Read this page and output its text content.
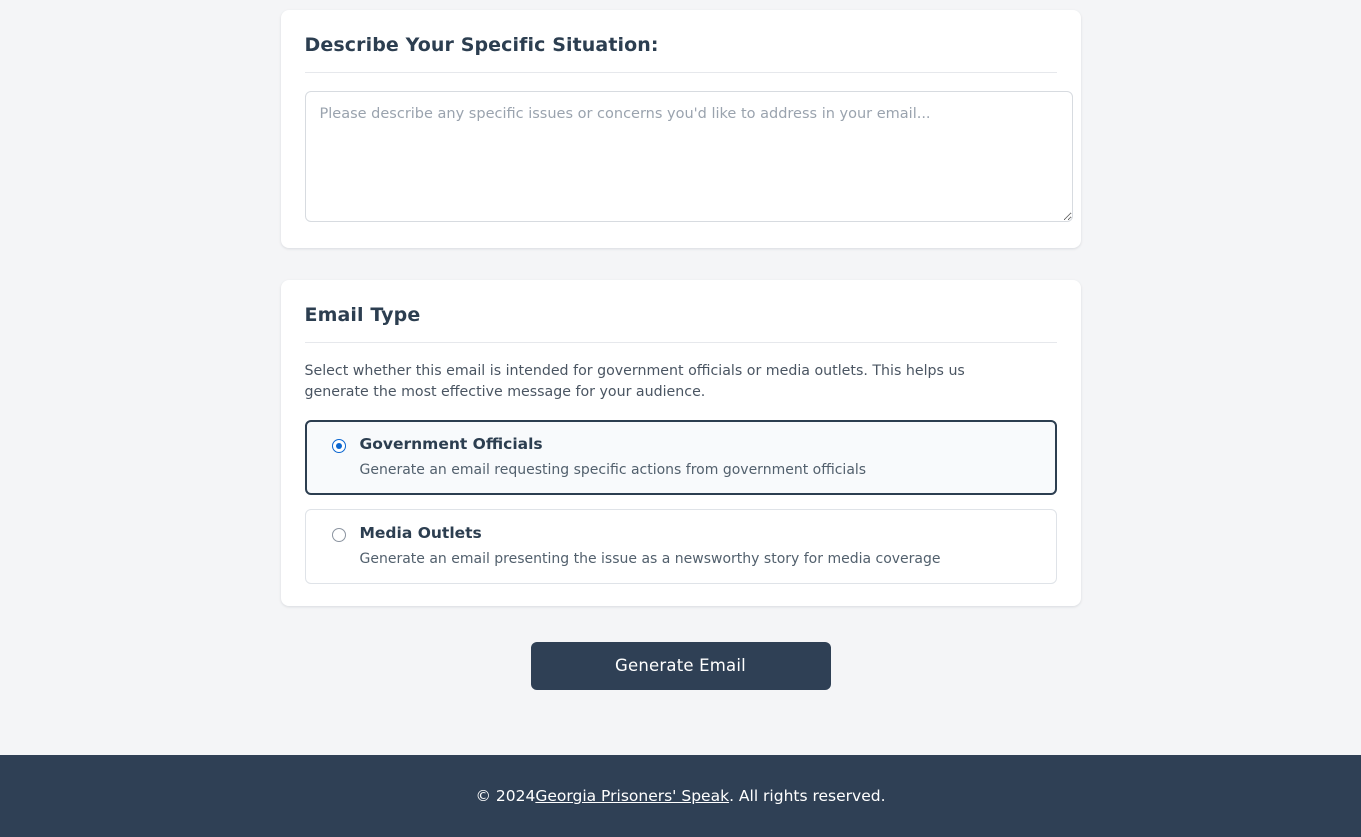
Describe Your Specific Situation:
Please describe any specific issues or concerns you'd like to address in your email...
Email Type

Select whether this email is intended for government officials or media outlets. This helps us generate the most effective message for your audience.

Government Officials
Generate an email requesting specific actions from government officials
Media Outlets
Generate an email presenting the issue as a newsworthy story for media coverage
Generate Email
© 2024 Georgia Prisoners' Speak . All rights reserved.
